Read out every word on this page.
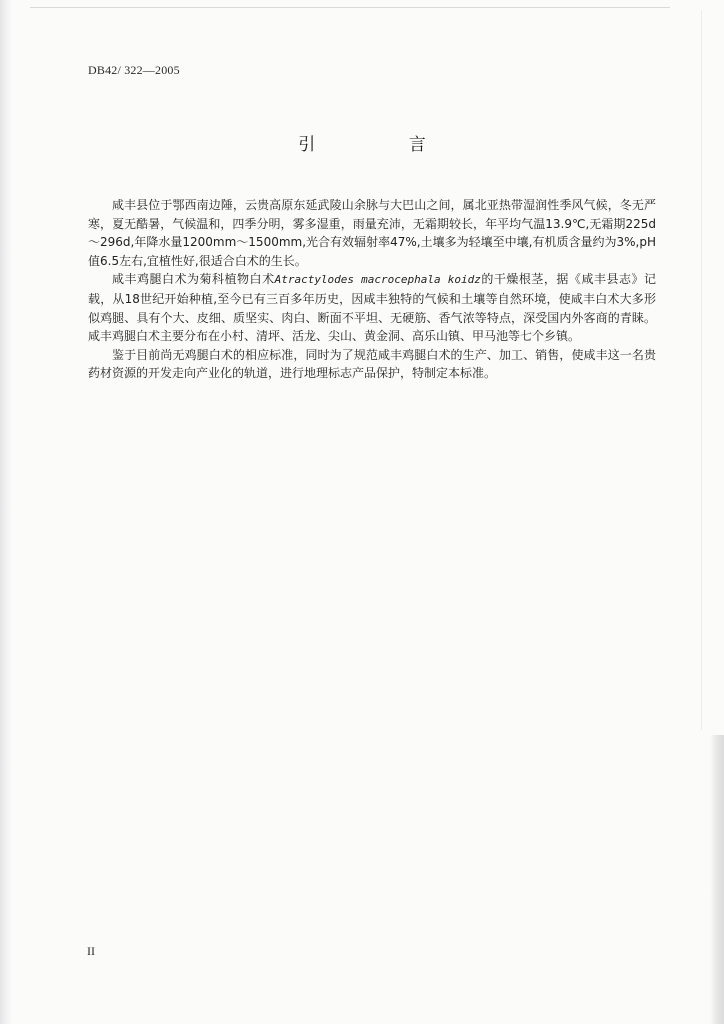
DB42/ 322—2005
引 言

咸丰县位于鄂西南边陲，云贵高原东延武陵山余脉与大巴山之间，属北亚热带湿润性季风气候，冬无严寒，夏无酷暑，气候温和，四季分明，雾多湿重，雨量充沛，无霜期较长，年平均气温13.9℃,无霜期225d～296d,年降水量1200mm～1500mm,光合有效辐射率47%,土壤多为轻壤至中壤,有机质含量约为3%,pH值6.5左右,宜植性好,很适合白术的生长。

咸丰鸡腿白术为菊科植物白术Atractylodes macrocephala koidz的干燥根茎，据《咸丰县志》记载，从18世纪开始种植,至今已有三百多年历史，因咸丰独特的气候和土壤等自然环境，使咸丰白术大多形似鸡腿、具有个大、皮细、质坚实、肉白、断面不平坦、无硬筋、香气浓等特点，深受国内外客商的青睐。咸丰鸡腿白术主要分布在小村、清坪、活龙、尖山、黄金洞、高乐山镇、甲马池等七个乡镇。

鉴于目前尚无鸡腿白术的相应标准，同时为了规范咸丰鸡腿白术的生产、加工、销售，使咸丰这一名贵药材资源的开发走向产业化的轨道，进行地理标志产品保护，特制定本标准。

II
